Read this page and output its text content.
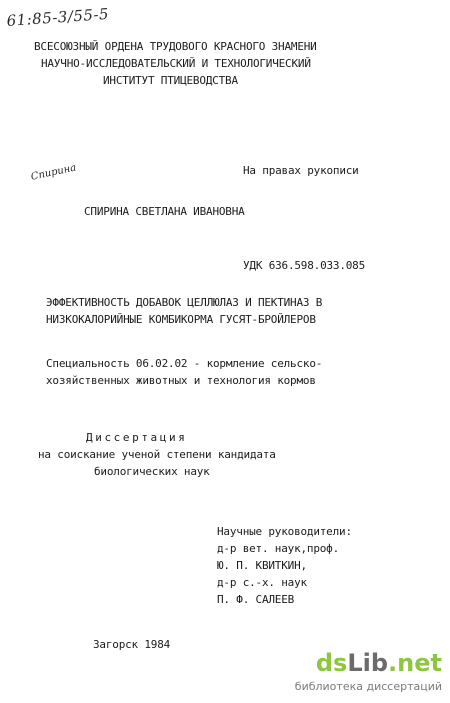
61:85-3/55-5
ВСЕСОЮЗНЫЙ ОРДЕНА ТРУДОВОГО КРАСНОГО ЗНАМЕНИ
НАУЧНО-ИССЛЕДОВАТЕЛЬСКИЙ И ТЕХНОЛОГИЧЕСКИЙ
ИНСТИТУТ ПТИЦЕВОДСТВА
Спирина	На правах рукописи
СПИРИНА СВЕТЛАНА ИВАНОВНА
УДК 636.598.033.085
ЭФФЕКТИВНОСТЬ ДОБАВОК ЦЕЛЛЮЛАЗ И ПЕКТИНАЗ В
НИЗКОКАЛОРИЙНЫЕ КОМБИКОРМА ГУСЯТ-БРОЙЛЕРОВ
Специальность 06.02.02 - кормление сельско-
хозяйственных животных и технология кормов
Диссертация
на соискание ученой степени кандидата
биологических наук
Научные руководители:
д-р вет. наук,проф.
Ю. П. КВИТКИН,
д-р с.-х. наук
П. Ф. САЛЕЕВ
Загорск 1984
dsLib.net
библиотека диссертаций
